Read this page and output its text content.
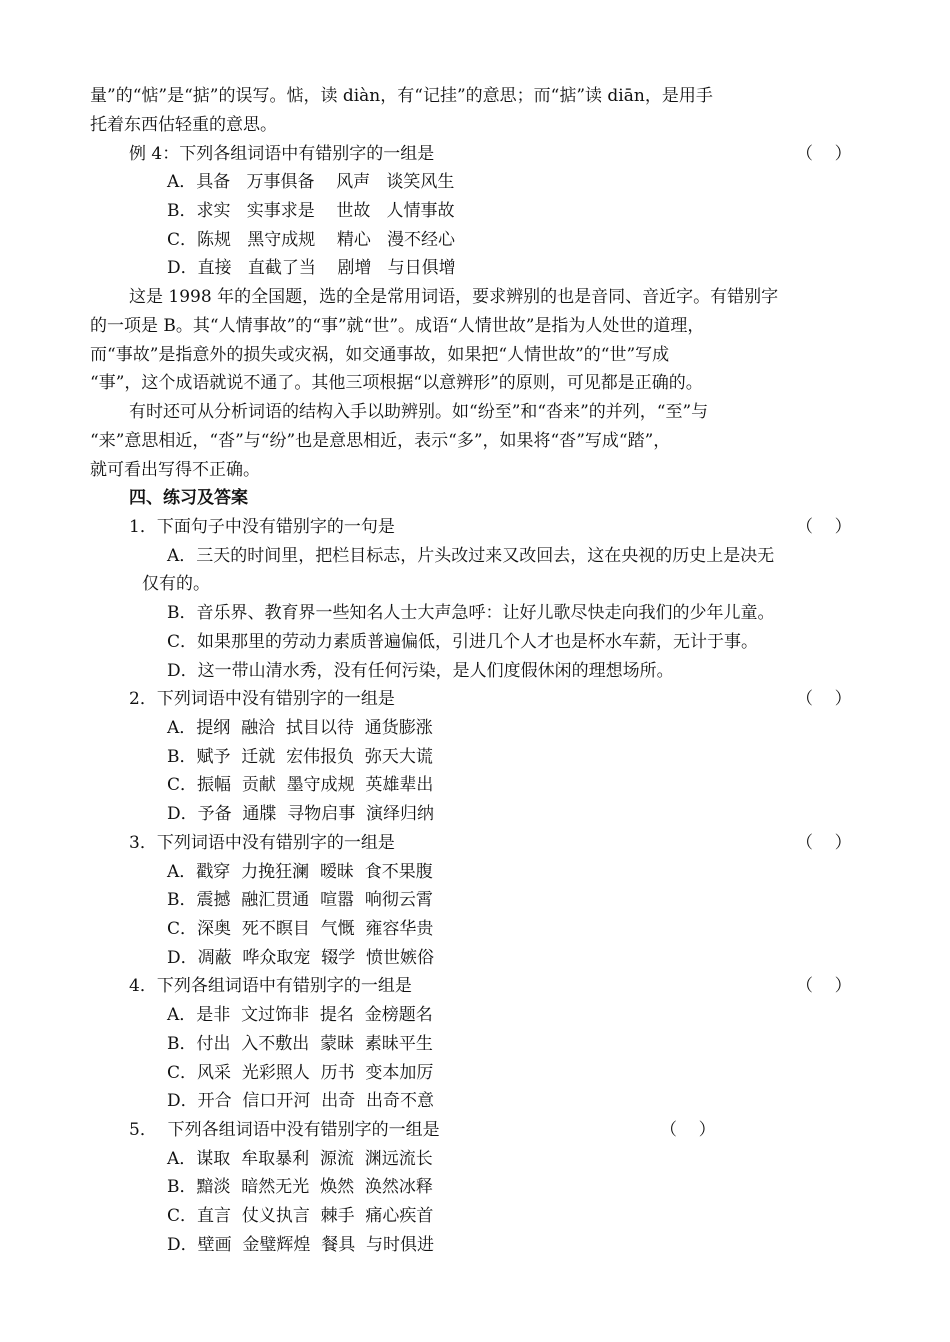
量”的“惦”是“掂”的误写。惦，读 diàn，有“记挂”的意思；而“掂”读 diān，是用手
托着东西估轻重的意思。
例 4：下列各组词语中有错别字的一组是	（    ）
A．具备   万事俱备    风声   谈笑风生
B．求实   实事求是    世故   人情事故
C．陈规   黑守成规    精心   漫不经心
D．直接   直截了当    剧增   与日俱增
这是 1998 年的全国题，选的全是常用词语，要求辨别的也是音同、音近字。有错别字
的一项是 B。其“人情事故”的“事”就“世”。成语“人情世故”是指为人处世的道理，
而“事故”是指意外的损失或灾祸，如交通事故，如果把“人情世故”的“世”写成
“事”，这个成语就说不通了。其他三项根据“以意辨形”的原则，可见都是正确的。
有时还可从分析词语的结构入手以助辨别。如“纷至”和“沓来”的并列，“至”与
“来”意思相近，“沓”与“纷”也是意思相近，表示“多”，如果将“沓”写成“踏”，
就可看出写得不正确。
四、练习及答案
1．下面句子中没有错别字的一句是	（    ）
A．三天的时间里，把栏目标志，片头改过来又改回去，这在央视的历史上是决无
仅有的。
B．音乐界、教育界一些知名人士大声急呼：让好儿歌尽快走向我们的少年儿童。
C．如果那里的劳动力素质普遍偏低，引进几个人才也是杯水车薪，无计于事。
D．这一带山清水秀，没有任何污染，是人们度假休闲的理想场所。
2．下列词语中没有错别字的一组是	（    ）
A．提纲  融洽  拭目以待  通货膨涨
B．赋予  迁就  宏伟报负  弥天大谎
C．振幅  贡献  墨守成规  英雄辈出
D．予备  通牒  寻物启事  演绎归纳
3．下列词语中没有错别字的一组是	（    ）
A．戳穿  力挽狂澜  暧昧  食不果腹
B．震撼  融汇贯通  喧嚣  响彻云霄
C．深奥  死不瞑目  气慨  雍容华贵
D．凋蔽  哗众取宠  辍学  愤世嫉俗
4．下列各组词语中有错别字的一组是	（    ）
A．是非  文过饰非  提名  金榜题名
B．付出  入不敷出  蒙昧  素昧平生
C．风采  光彩照人  历书  变本加厉
D．开合  信口开河  出奇  出奇不意
5．  下列各组词语中没有错别字的一组是	（    ）
A．谋取  牟取暴利  源流  渊远流长
B．黯淡  暗然无光  焕然  涣然冰释
C．直言  仗义执言  棘手  痛心疾首
D．壁画  金璧辉煌  餐具  与时俱进
